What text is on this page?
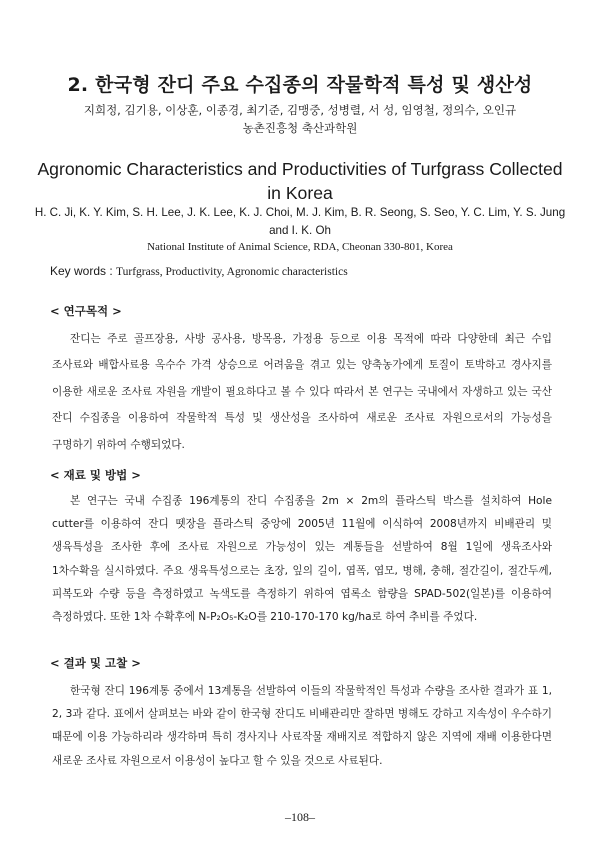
2. 한국형 잔디 주요 수집종의 작물학적 특성 및 생산성
지희정, 김기용, 이상훈, 이종경, 최기준, 김맹중, 성병렬, 서 성, 임영철, 정의수, 오인규
농촌진흥청 축산과학원
Agronomic Characteristics and Productivities of Turfgrass Collected in Korea
H. C. Ji, K. Y. Kim, S. H. Lee, J. K. Lee, K. J. Choi, M. J. Kim, B. R. Seong, S. Seo, Y. C. Lim, Y. S. Jung and I. K. Oh
National Institute of Animal Science, RDA, Cheonan 330-801, Korea
Key words : Turfgrass, Productivity, Agronomic characteristics
< 연구목적 >
잔디는 주로 골프장용, 사방 공사용, 방목용, 가정용 등으로 이용 목적에 따라 다양한데 최근 수입 조사료와 배합사료용 옥수수 가격 상승으로 어려움을 겪고 있는 양축농가에게 토질이 토박하고 경사지를 이용한 새로운 조사료 자원을 개발이 필요하다고 볼 수 있다 따라서 본 연구는 국내에서 자생하고 있는 국산 잔디 수집종을 이용하여 작물학적 특성 및 생산성을 조사하여 새로운 조사료 자원으로서의 가능성을 구명하기 위하여 수행되었다.
< 재료 및 방법 >
본 연구는 국내 수집종 196계통의 잔디 수집종을 2m × 2m의 플라스틱 박스를 설치하여 Hole cutter를 이용하여 잔디 뗏장을 플라스틱 중앙에 2005년 11월에 이식하여 2008년까지 비배관리 및 생육특성을 조사한 후에 조사료 자원으로 가능성이 있는 계통들을 선발하여 8월 1일에 생육조사와 1차수확을 실시하였다. 주요 생육특성으로는 초장, 잎의 길이, 엽폭, 엽모, 병해, 충해, 절간길이, 절간두께, 피복도와 수량 등을 측정하였고 녹색도를 측정하기 위하여 엽록소 함량을 SPAD-502(일본)를 이용하여 측정하였다. 또한 1차 수확후에 N-P₂O₅-K₂O를 210-170-170 kg/ha로 하여 추비를 주었다.
< 결과 및 고찰 >
한국형 잔디 196계통 중에서 13계통을 선발하여 이들의 작물학적인 특성과 수량을 조사한 결과가 표 1, 2, 3과 같다. 표에서 살펴보는 바와 같이 한국형 잔디도 비배관리만 잘하면 병해도 강하고 지속성이 우수하기 때문에 이용 가능하리라 생각하며 특히 경사지나 사료작물 재배지로 적합하지 않은 지역에 재배 이용한다면 새로운 조사료 자원으로서 이용성이 높다고 할 수 있을 것으로 사료된다.
–108–
